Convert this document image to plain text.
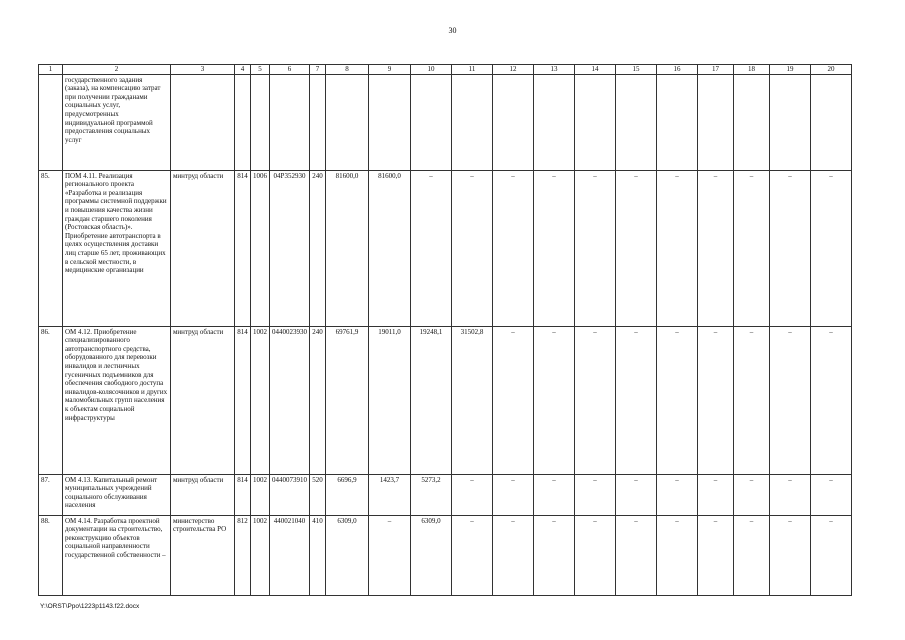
30
1	2	3	4	5	6	7	8	9	10	11	12	13	14	15	16	17	18	19	20
	государственного задания (заказа), на компенсацию затрат при получении гражданами социальных услуг, предусмотренных индивидуальной программой предоставления социальных услуг																		
85.	ПОМ 4.11. Реализация регионального проекта «Разработка и реализация программы системной поддержки и повышения качества жизни граждан старшего поколения (Ростовская область)». Приобретение автотранспорта в целях осуществления доставки лиц старше 65 лет, проживающих в сельской местности, в медицинские организации	минтруд области	814	1006	04Р352930	240	81600,0	81600,0	–	–	–	–	–	–	–	–	–	–	–
86.	ОМ 4.12. Приобретение специализированного автотранспортного средства, оборудованного для перевозки инвалидов и лестничных гусеничных подъемников для обеспечения свободного доступа инвалидов-колясочников и других маломобильных групп населения к объектам социальной инфраструктуры	минтруд области	814	1002	0440023930	240	69761,9	19011,0	19248,1	31502,8	–	–	–	–	–	–	–	–	–
87.	ОМ 4.13. Капитальный ремонт муниципальных учреждений социального обслуживания населения	минтруд области	814	1002	0440073910	520	6696,9	1423,7	5273,2	–	–	–	–	–	–	–	–	–	–
88.	ОМ 4.14. Разработка проектной документации на строительство, реконструкцию объектов социальной направленности государственной собственности –	министерство строительства РО	812	1002	440021040	410	6309,0	–	6309,0	–	–	–	–	–	–	–	–	–	–
Y:\ORST\Ppo\1223p1143.f22.docx
